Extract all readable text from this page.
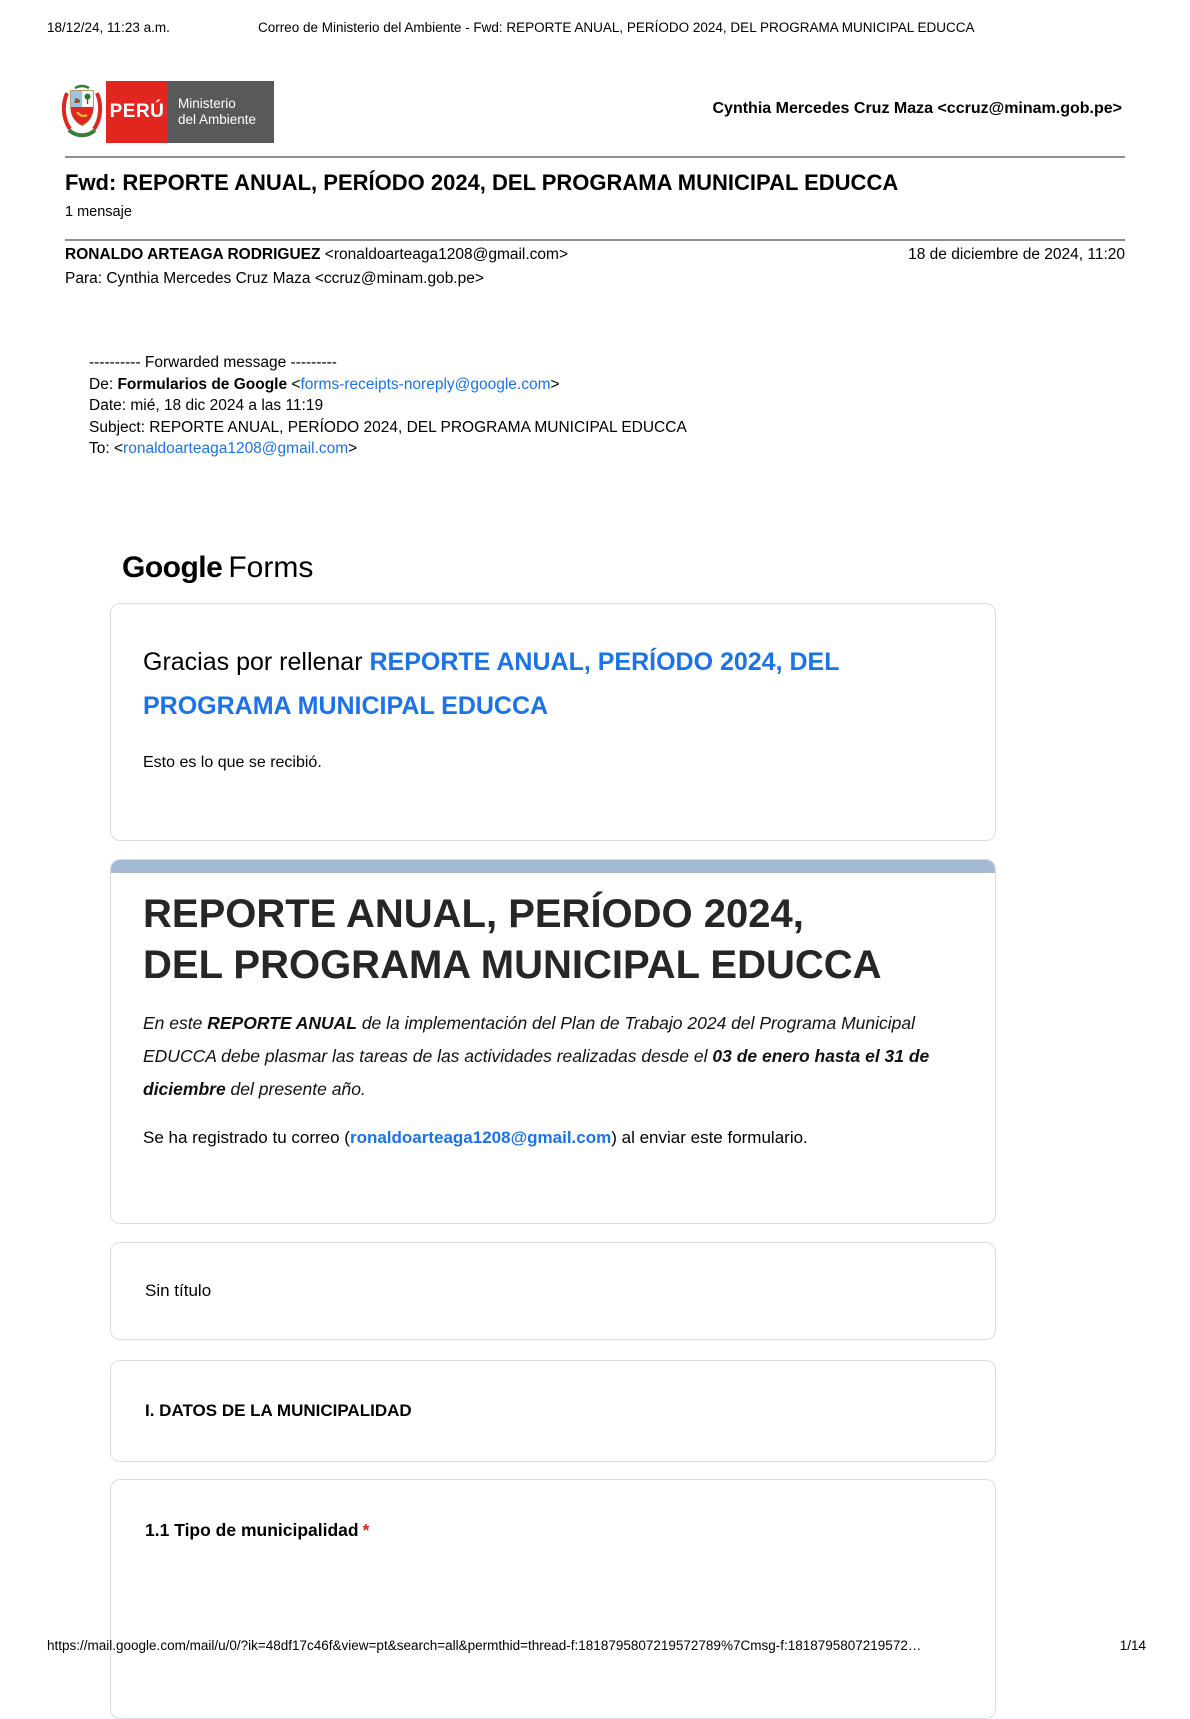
18/12/24, 11:23 a.m.	Correo de Ministerio del Ambiente - Fwd: REPORTE ANUAL, PERÍODO 2024, DEL PROGRAMA MUNICIPAL EDUCCA
PERÚ Ministerio
del Ambiente
Cynthia Mercedes Cruz Maza <ccruz@minam.gob.pe>
Fwd: REPORTE ANUAL, PERÍODO 2024, DEL PROGRAMA MUNICIPAL EDUCCA
1 mensaje
RONALDO ARTEAGA RODRIGUEZ <ronaldoarteaga1208@gmail.com>	18 de diciembre de 2024, 11:20
Para: Cynthia Mercedes Cruz Maza <ccruz@minam.gob.pe>
---------- Forwarded message ---------
De: Formularios de Google <forms-receipts-noreply@google.com>
Date: mié, 18 dic 2024 a las 11:19
Subject: REPORTE ANUAL, PERÍODO 2024, DEL PROGRAMA MUNICIPAL EDUCCA
To: <ronaldoarteaga1208@gmail.com>
Google Forms
Gracias por rellenar REPORTE ANUAL, PERÍODO 2024, DEL
PROGRAMA MUNICIPAL EDUCCA
Esto es lo que se recibió.
REPORTE ANUAL, PERÍODO 2024,
DEL PROGRAMA MUNICIPAL EDUCCA

En este REPORTE ANUAL de la implementación del Plan de Trabajo 2024 del Programa Municipal EDUCCA debe plasmar las tareas de las actividades realizadas desde el 03 de enero hasta el 31 de diciembre del presente año.

Se ha registrado tu correo (ronaldoarteaga1208@gmail.com) al enviar este formulario.

Sin título
I. DATOS DE LA MUNICIPALIDAD
1.1 Tipo de municipalidad *
https://mail.google.com/mail/u/0/?ik=48df17c46f&view=pt&search=all&permthid=thread-f:1818795807219572789%7Cmsg-f:1818795807219572…	1/14
